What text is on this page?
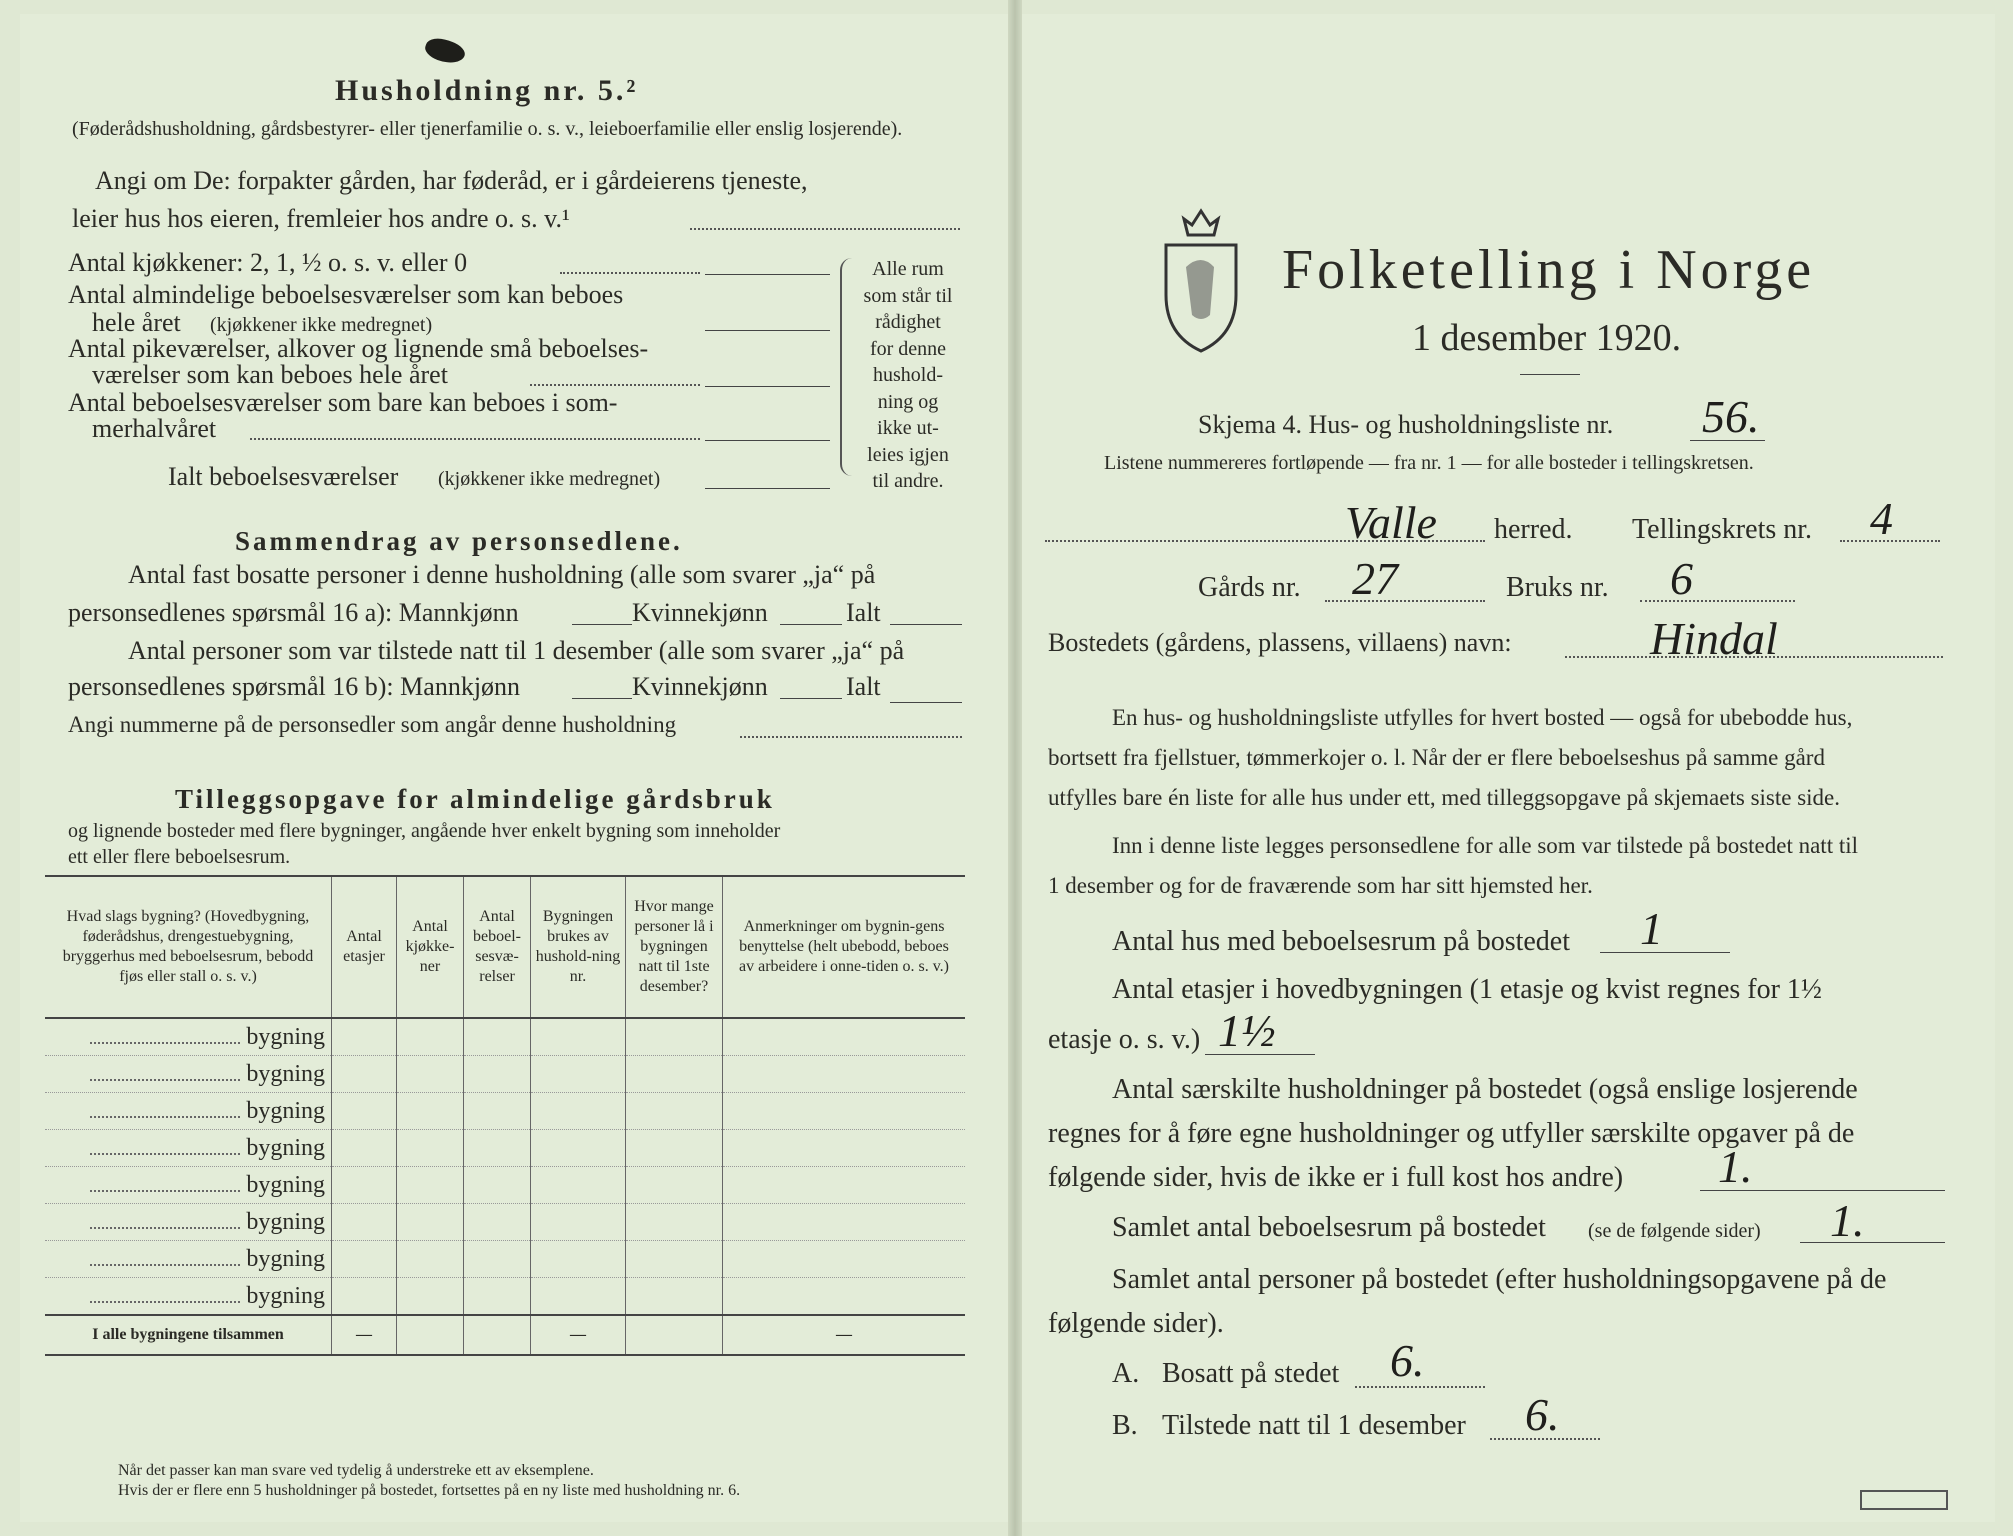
Husholdning nr. 5.²
(Føderådshusholdning, gårdsbestyrer- eller tjenerfamilie o. s. v., leieboerfamilie eller enslig losjerende).
Angi om De: forpakter gården, har føderåd, er i gårdeierens tjeneste,
leier hus hos eieren, fremleier hos andre o. s. v.¹
Antal kjøkkener: 2, 1, ½ o. s. v. eller 0
Antal almindelige beboelsesværelser som kan beboes
hele året (kjøkkener ikke medregnet)
Antal pikeværelser, alkover og lignende små beboelses-
værelser som kan beboes hele året
Antal beboelsesværelser som bare kan beboes i som-
merhalvåret
Ialt beboelsesværelser (kjøkkener ikke medregnet)
Alle rum
som står til
rådighet
for denne
hushold-
ning og
ikke ut-
leies igjen
til andre.
Sammendrag av personsedlene.
Antal fast bosatte personer i denne husholdning (alle som svarer „ja“ på
personsedlenes spørsmål 16 a): Mannkjønn	Kvinnekjønn	Ialt
Antal personer som var tilstede natt til 1 desember (alle som svarer „ja“ på
personsedlenes spørsmål 16 b): Mannkjønn	Kvinnekjønn	Ialt
Angi nummerne på de personsedler som angår denne husholdning
Tilleggsopgave for almindelige gårdsbruk
og lignende bosteder med flere bygninger, angående hver enkelt bygning som inneholder
ett eller flere beboelsesrum.
Hvad slags bygning? (Hovedbygning, føderådshus, drengestuebygning, bryggerhus med beboelsesrum, bebodd fjøs eller stall o. s. v.)	Antal etasjer	Antal kjøkke-ner	Antal beboel-sesvæ-relser	Bygningen brukes av hushold-ning nr.	Hvor mange personer lå i bygningen natt til 1ste desember?	Anmerkninger om bygnin-gens benyttelse (helt ubebodd, beboes av arbeidere i onne-tiden o. s. v.)
bygning						
bygning						
bygning						
bygning						
bygning						
bygning						
bygning						
bygning						
I alle bygningene tilsammen	—			—		—
Når det passer kan man svare ved tydelig å understreke ett av eksemplene.
Hvis der er flere enn 5 husholdninger på bostedet, fortsettes på en ny liste med husholdning nr. 6.
Folketelling i Norge
1 desember 1920.
Skjema 4. Hus- og husholdningsliste nr. 56.
Listene nummereres fortløpende — fra nr. 1 — for alle bosteder i tellingskretsen.
Valle herred. Tellingskrets nr. 4
Gårds nr. 27	Bruks nr. 6
Bostedets (gårdens, plassens, villaens) navn:	Hindal
En hus- og husholdningsliste utfylles for hvert bosted — også for ubebodde hus,
bortsett fra fjellstuer, tømmerkojer o. l. Når der er flere beboelseshus på samme gård
utfylles bare én liste for alle hus under ett, med tilleggsopgave på skjemaets siste side.
Inn i denne liste legges personsedlene for alle som var tilstede på bostedet natt til
1 desember og for de fraværende som har sitt hjemsted her.
Antal hus med beboelsesrum på bostedet 1
Antal etasjer i hovedbygningen (1 etasje og kvist regnes for 1½
etasje o. s. v.) 1½
Antal særskilte husholdninger på bostedet (også enslige losjerende
regnes for å føre egne husholdninger og utfyller særskilte opgaver på de
følgende sider, hvis de ikke er i full kost hos andre) 1.
Samlet antal beboelsesrum på bostedet (se de følgende sider) 1.
Samlet antal personer på bostedet (efter husholdningsopgavene på de
følgende sider).
A. Bosatt på stedet 6.
B. Tilstede natt til 1 desember 6.
